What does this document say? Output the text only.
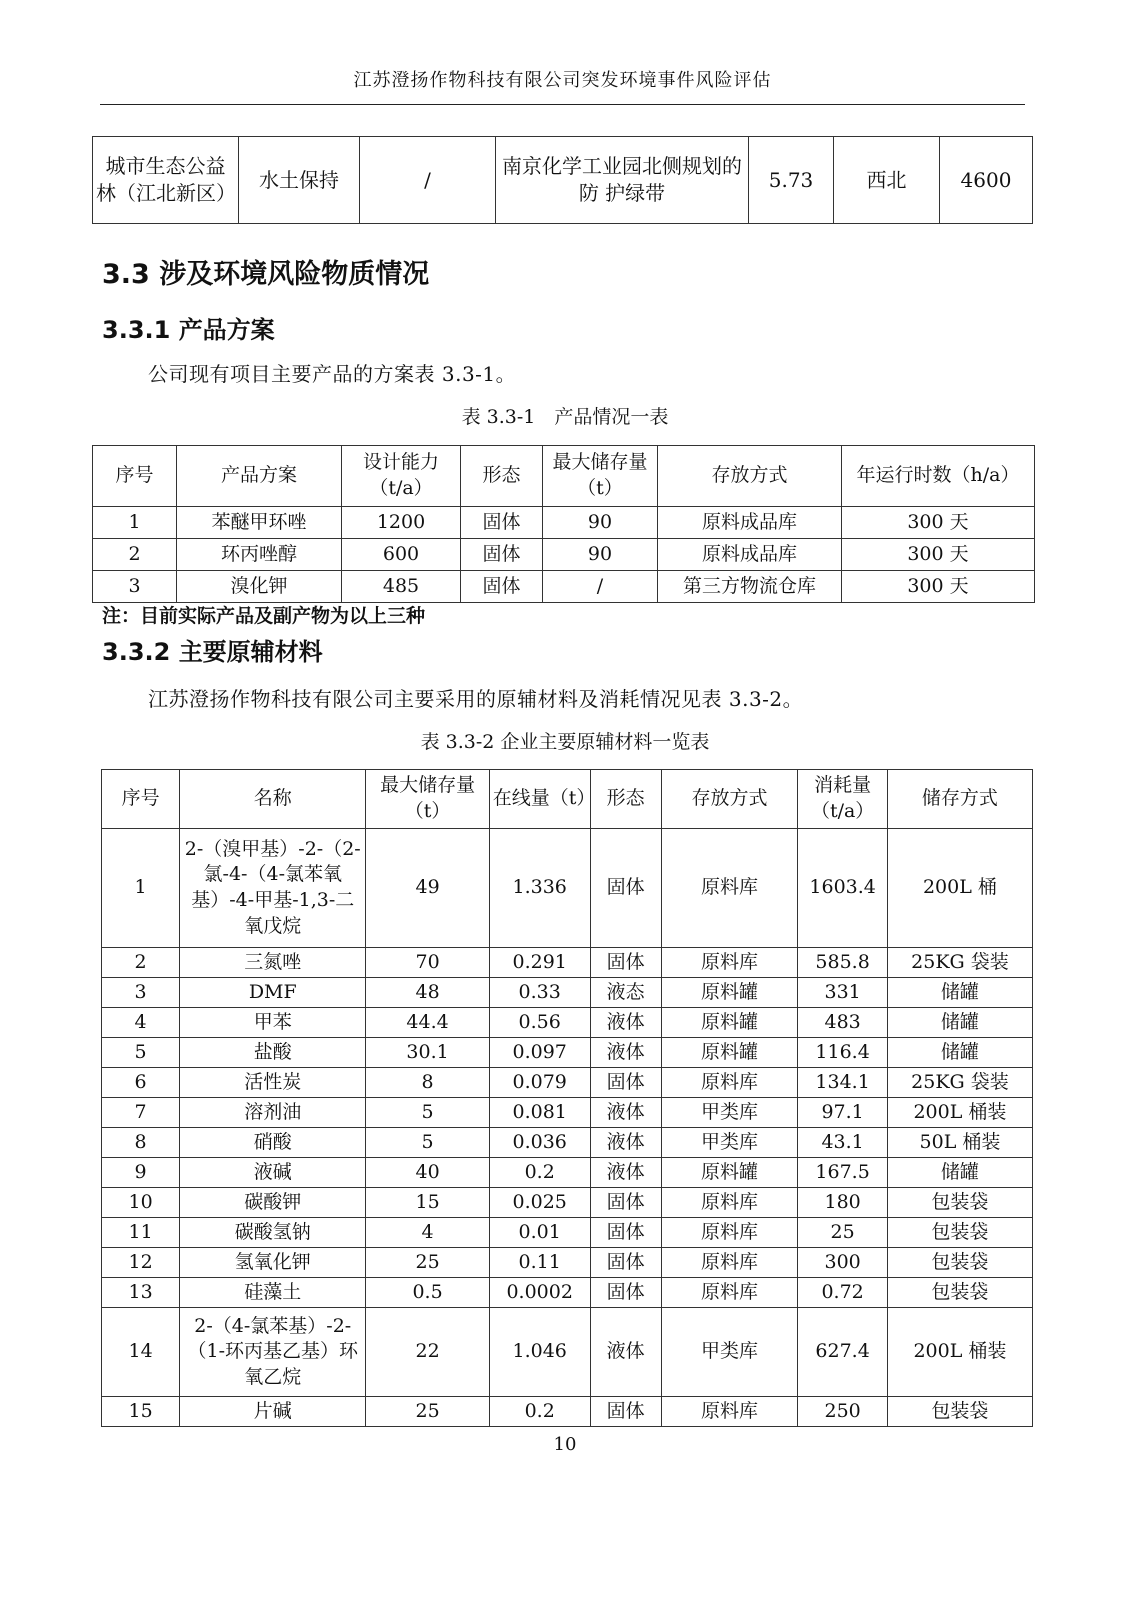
江苏澄扬作物科技有限公司突发环境事件风险评估
城市生态公益林（江北新区）	水土保持	/	南京化学工业园北侧规划的防 护绿带	5.73	西北	4600
3.3 涉及环境风险物质情况
3.3.1 产品方案
公司现有项目主要产品的方案表 3.3-1。
表 3.3-1　产品情况一表
序号	产品方案	设计能力（t/a）	形态	最大储存量（t）	存放方式	年运行时数（h/a）
1	苯醚甲环唑	1200	固体	90	原料成品库	300 天
2	环丙唑醇	600	固体	90	原料成品库	300 天
3	溴化钾	485	固体	/	第三方物流仓库	300 天
注：目前实际产品及副产物为以上三种
3.3.2 主要原辅材料
江苏澄扬作物科技有限公司主要采用的原辅材料及消耗情况见表 3.3-2。
表 3.3-2 企业主要原辅材料一览表
序号	名称	最大储存量（t）	在线量（t）	形态	存放方式	消耗量（t/a）	储存方式
1	2-（溴甲基）-2-（2-氯-4-（4-氯苯氧基）-4-甲基-1,3-二氧戊烷	49	1.336	固体	原料库	1603.4	200L 桶
2	三氮唑	70	0.291	固体	原料库	585.8	25KG 袋装
3	DMF	48	0.33	液态	原料罐	331	储罐
4	甲苯	44.4	0.56	液体	原料罐	483	储罐
5	盐酸	30.1	0.097	液体	原料罐	116.4	储罐
6	活性炭	8	0.079	固体	原料库	134.1	25KG 袋装
7	溶剂油	5	0.081	液体	甲类库	97.1	200L 桶装
8	硝酸	5	0.036	液体	甲类库	43.1	50L 桶装
9	液碱	40	0.2	液体	原料罐	167.5	储罐
10	碳酸钾	15	0.025	固体	原料库	180	包装袋
11	碳酸氢钠	4	0.01	固体	原料库	25	包装袋
12	氢氧化钾	25	0.11	固体	原料库	300	包装袋
13	硅藻土	0.5	0.0002	固体	原料库	0.72	包装袋
14	2-（4-氯苯基）-2-（1-环丙基乙基）环氧乙烷	22	1.046	液体	甲类库	627.4	200L 桶装
15	片碱	25	0.2	固体	原料库	250	包装袋
10
